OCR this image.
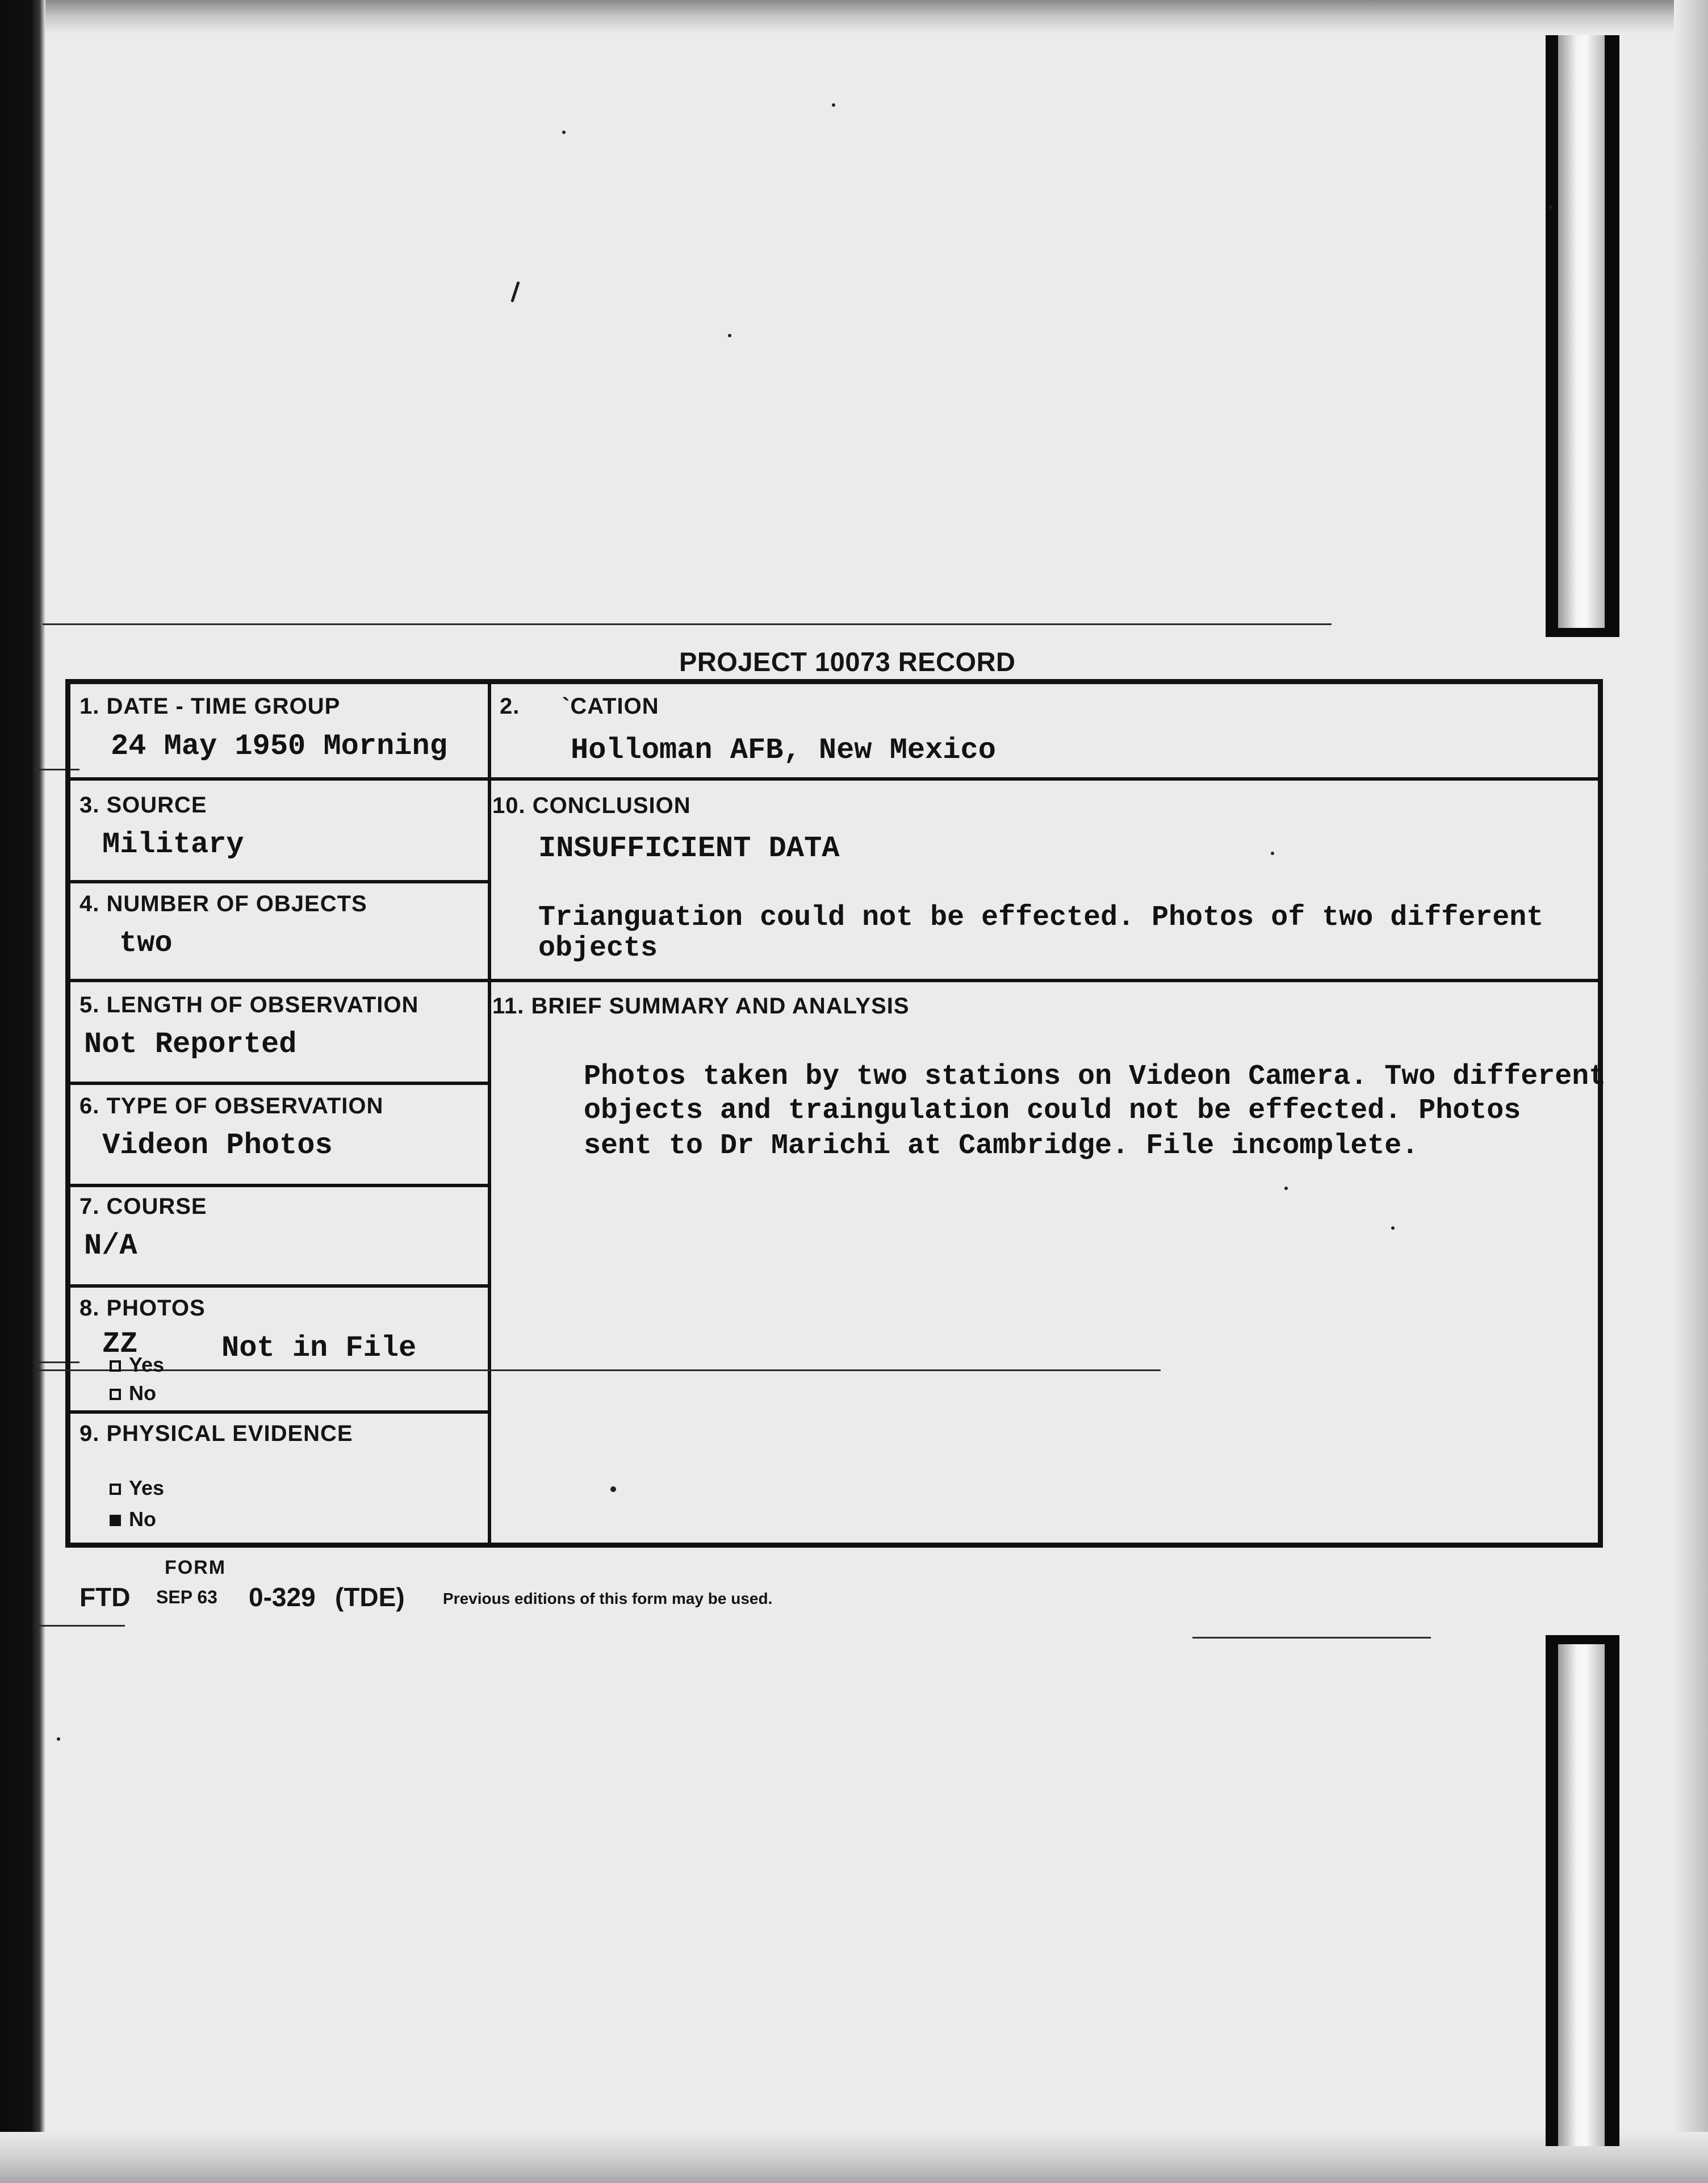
PROJECT 10073 RECORD
1. DATE - TIME GROUP
24 May 1950 Morning
2. `CATION
Holloman AFB, New Mexico
3. SOURCE
Military
4. NUMBER OF OBJECTS
two
5. LENGTH OF OBSERVATION
Not Reported
6. TYPE OF OBSERVATION
Videon Photos
7. COURSE
N/A
8. PHOTOS
ZZ	Not in File
Yes
No
9. PHYSICAL EVIDENCE
Yes
No
10. CONCLUSION
INSUFFICIENT DATA
Trianguation could not be effected. Photos of two different
objects
11. BRIEF SUMMARY AND ANALYSIS
Photos taken by two stations on Videon Camera. Two different
objects and traingulation could not be effected. Photos
sent to Dr Marichi at Cambridge. File incomplete.
FORM
FTD SEP 63 0-329 (TDE) Previous editions of this form may be used.
